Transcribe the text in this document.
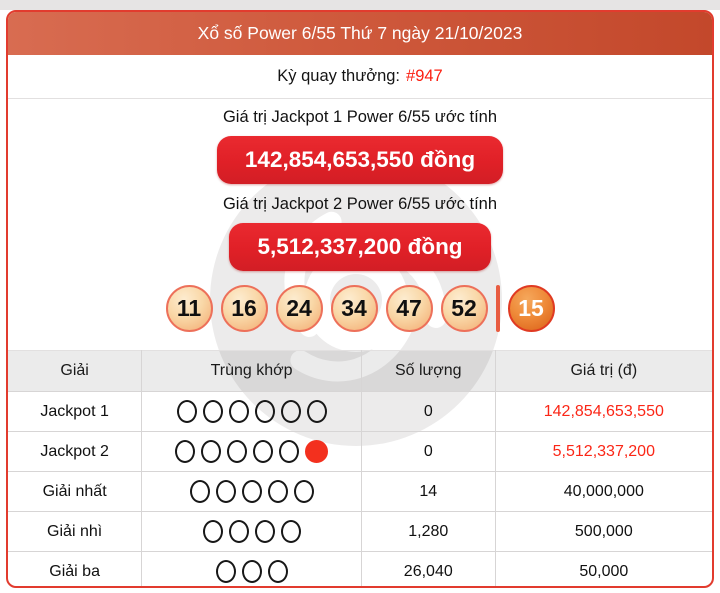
Xổ số Power 6/55 Thứ 7 ngày 21/10/2023
Kỳ quay thưởng: #947
Giá trị Jackpot 1 Power 6/55 ước tính
142,854,653,550 đồng
Giá trị Jackpot 2 Power 6/55 ước tính
5,512,337,200 đồng
11	16	24	34	47	52	15
Giải	Trùng khớp	Số lượng	Giá trị (đ)
Jackpot 1		0	142,854,653,550
Jackpot 2		0	5,512,337,200
Giải nhất		14	40,000,000
Giải nhì		1,280	500,000
Giải ba		26,040	50,000
